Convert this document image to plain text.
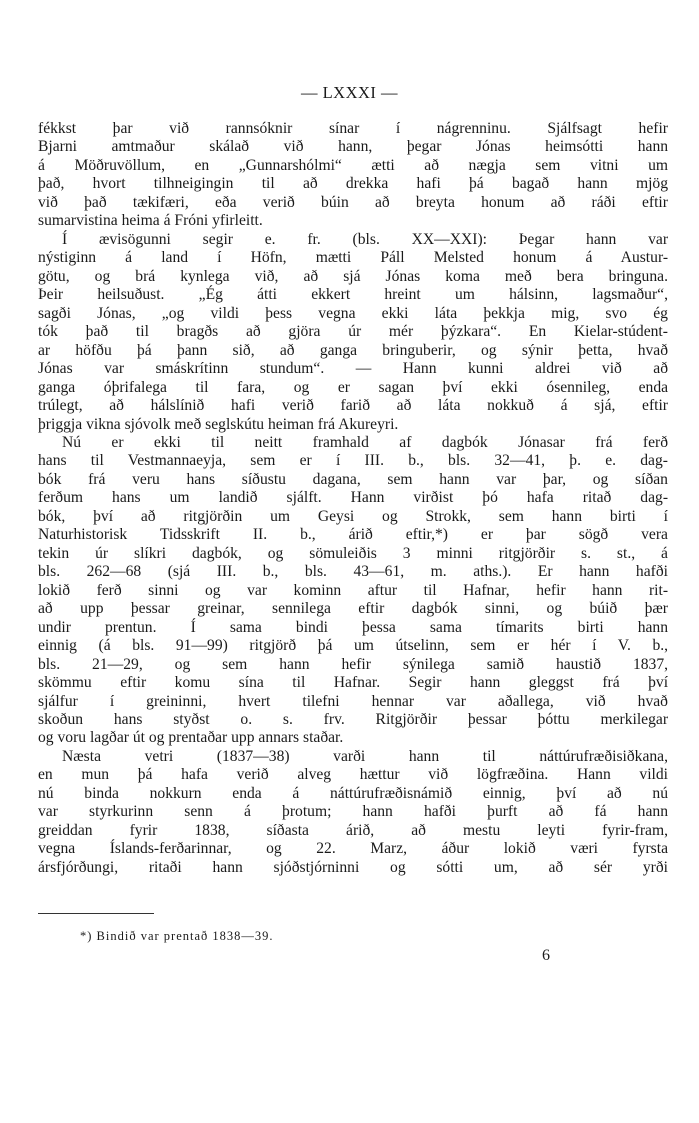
— LXXXI —
fékkst þar við rannsóknir sínar í nágrenninu. Sjálfsagt hefir
Bjarni amtmaður skálað við hann, þegar Jónas heimsótti hann
á Möðruvöllum, en „Gunnarshólmi“ ætti að nægja sem vitni um
það, hvort tilhneigingin til að drekka hafi þá bagað hann mjög
við það tækifæri, eða verið búin að breyta honum að ráði eftir
sumarvistina heima á Fróni yfirleitt.
Í ævisögunni segir e. fr. (bls. XX—XXI): Þegar hann var
nýstiginn á land í Höfn, mætti Páll Melsted honum á Austur-
götu, og brá kynlega við, að sjá Jónas koma með bera bringuna.
Þeir heilsuðust. „Ég átti ekkert hreint um hálsinn, lagsmaður“,
sagði Jónas, „og vildi þess vegna ekki láta þekkja mig, svo ég
tók það til bragðs að gjöra úr mér þýzkara“. En Kielar-stúdent-
ar höfðu þá þann sið, að ganga bringuberir, og sýnir þetta, hvað
Jónas var smáskrítinn stundum“. — Hann kunni aldrei við að
ganga óþrifalega til fara, og er sagan því ekki ósennileg, enda
trúlegt, að hálslínið hafi verið farið að láta nokkuð á sjá, eftir
þriggja vikna sjóvolk með seglskútu heiman frá Akureyri.
Nú er ekki til neitt framhald af dagbók Jónasar frá ferð
hans til Vestmannaeyja, sem er í III. b., bls. 32—41, þ. e. dag-
bók frá veru hans síðustu dagana, sem hann var þar, og síðan
ferðum hans um landið sjálft. Hann virðist þó hafa ritað dag-
bók, því að ritgjörðin um Geysi og Strokk, sem hann birti í
Naturhistorisk Tidsskrift II. b., árið eftir,*) er þar sögð vera
tekin úr slíkri dagbók, og sömuleiðis 3 minni ritgjörðir s. st., á
bls. 262—68 (sjá III. b., bls. 43—61, m. aths.). Er hann hafði
lokið ferð sinni og var kominn aftur til Hafnar, hefir hann rit-
að upp þessar greinar, sennilega eftir dagbók sinni, og búið þær
undir prentun. Í sama bindi þessa sama tímarits birti hann
einnig (á bls. 91—99) ritgjörð þá um útselinn, sem er hér í V. b.,
bls. 21—29, og sem hann hefir sýnilega samið haustið 1837,
skömmu eftir komu sína til Hafnar. Segir hann gleggst frá því
sjálfur í greininni, hvert tilefni hennar var aðallega, við hvað
skoðun hans styðst o. s. frv. Ritgjörðir þessar þóttu merkilegar
og voru lagðar út og prentaðar upp annars staðar.
Næsta vetri (1837—38) varði hann til náttúrufræðisiðkana,
en mun þá hafa verið alveg hættur við lögfræðina. Hann vildi
nú binda nokkurn enda á náttúrufræðisnámið einnig, því að nú
var styrkurinn senn á þrotum; hann hafði þurft að fá hann
greiddan fyrir 1838, síðasta árið, að mestu leyti fyrir-fram,
vegna Íslands-ferðarinnar, og 22. Marz, áður lokið væri fyrsta
ársfjórðungi, ritaði hann sjóðstjórninni og sótti um, að sér yrði
*) Bindið var prentað 1838—39.
6
